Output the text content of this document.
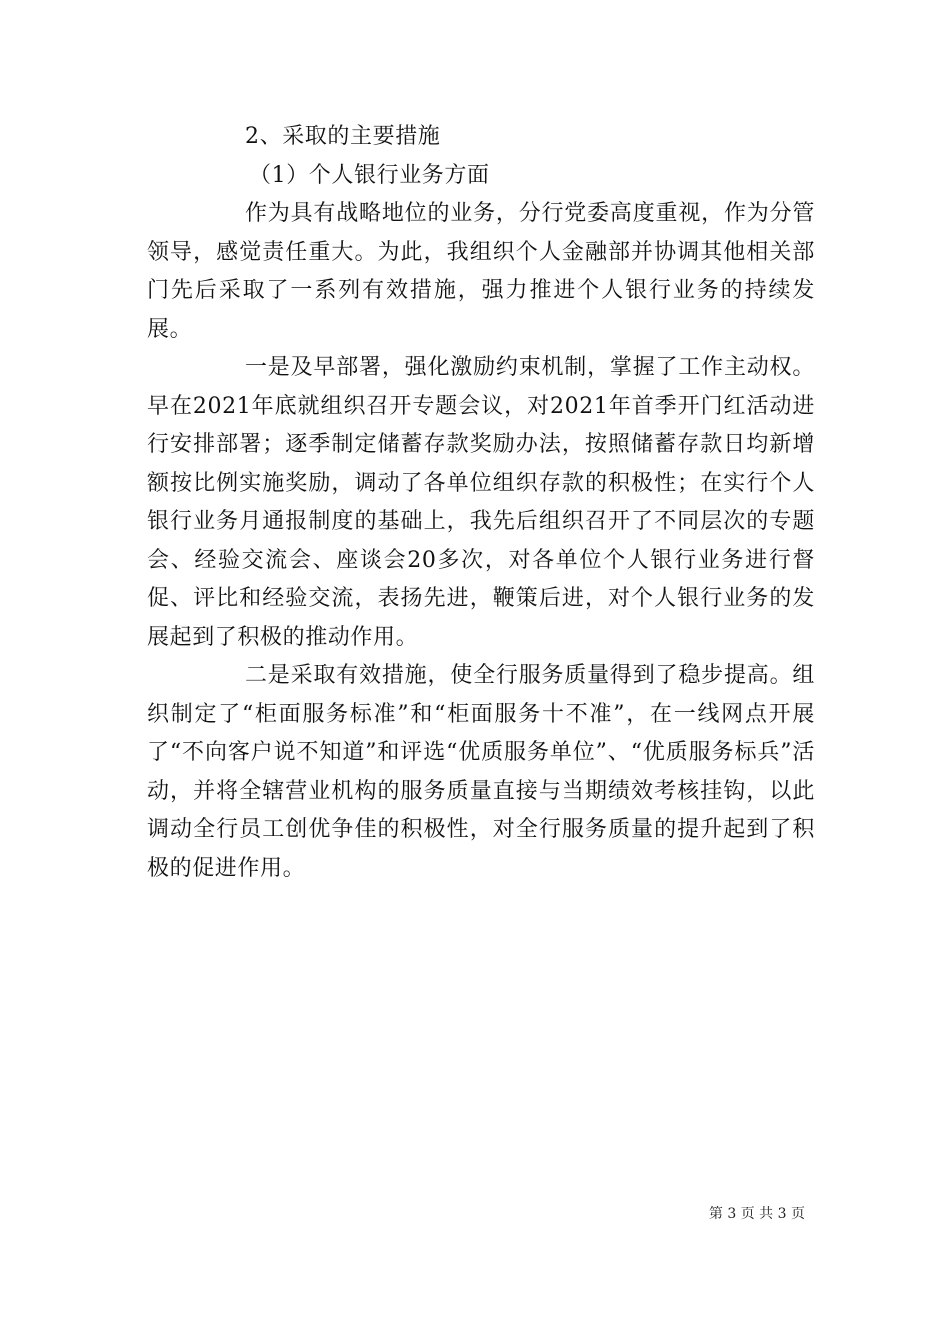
2、采取的主要措施

（1）个人银行业务方面

作为具有战略地位的业务，分行党委高度重视，作为分管领导，感觉责任重大。为此，我组织个人金融部并协调其他相关部门先后采取了一系列有效措施，强力推进个人银行业务的持续发展。

一是及早部署，强化激励约束机制，掌握了工作主动权。早在2021年底就组织召开专题会议，对2021年首季开门红活动进行安排部署；逐季制定储蓄存款奖励办法，按照储蓄存款日均新增额按比例实施奖励，调动了各单位组织存款的积极性；在实行个人银行业务月通报制度的基础上，我先后组织召开了不同层次的专题会、经验交流会、座谈会20多次，对各单位个人银行业务进行督促、评比和经验交流，表扬先进，鞭策后进，对个人银行业务的发展起到了积极的推动作用。

二是采取有效措施，使全行服务质量得到了稳步提高。组织制定了“柜面服务标准”和“柜面服务十不准”，在一线网点开展了“不向客户说不知道”和评选“优质服务单位”、“优质服务标兵”活动，并将全辖营业机构的服务质量直接与当期绩效考核挂钩，以此调动全行员工创优争佳的积极性，对全行服务质量的提升起到了积极的促进作用。

第 3 页 共 3 页
